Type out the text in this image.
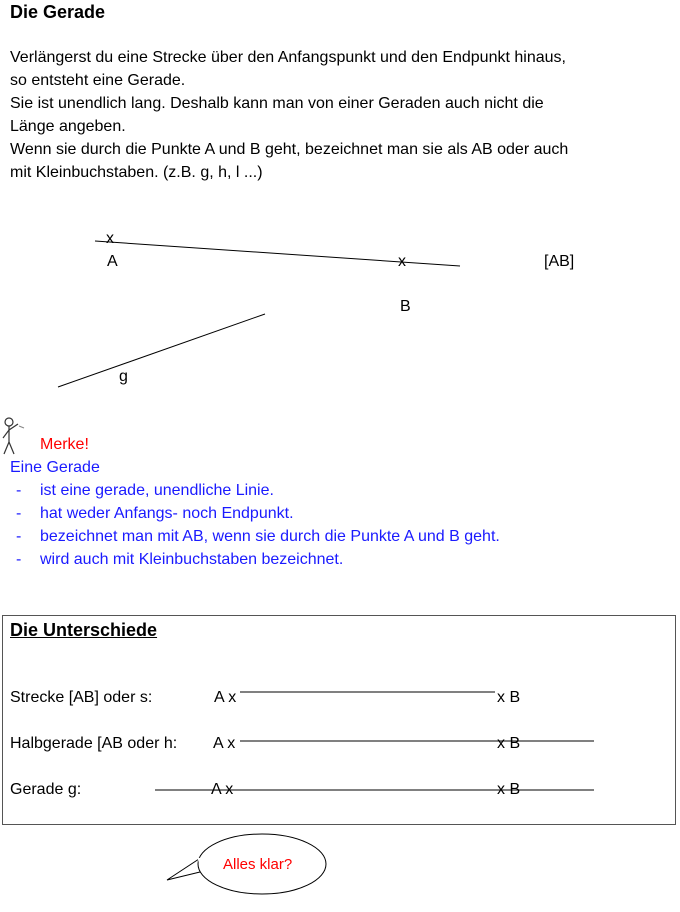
Die Gerade
Verlängerst du eine Strecke über den Anfangspunkt und den Endpunkt hinaus,
so entsteht eine Gerade.
Sie ist unendlich lang. Deshalb kann man von einer Geraden auch nicht die
Länge angeben.
Wenn sie durch die Punkte A und B geht, bezeichnet man sie als AB oder auch
mit Kleinbuchstaben. (z.B. g, h, l ...)
x
A	x
B
[AB]
g
Merke!
Eine Gerade
- ist eine gerade, unendliche Linie.
- hat weder Anfangs- noch Endpunkt.
- bezeichnet man mit AB, wenn sie durch die Punkte A und B geht.
- wird auch mit Kleinbuchstaben bezeichnet.
Die Unterschiede
Strecke [AB] oder s:	A x	x B
Halbgerade [AB oder h: A x	x B
Gerade g:	A x	x B
Alles klar?
